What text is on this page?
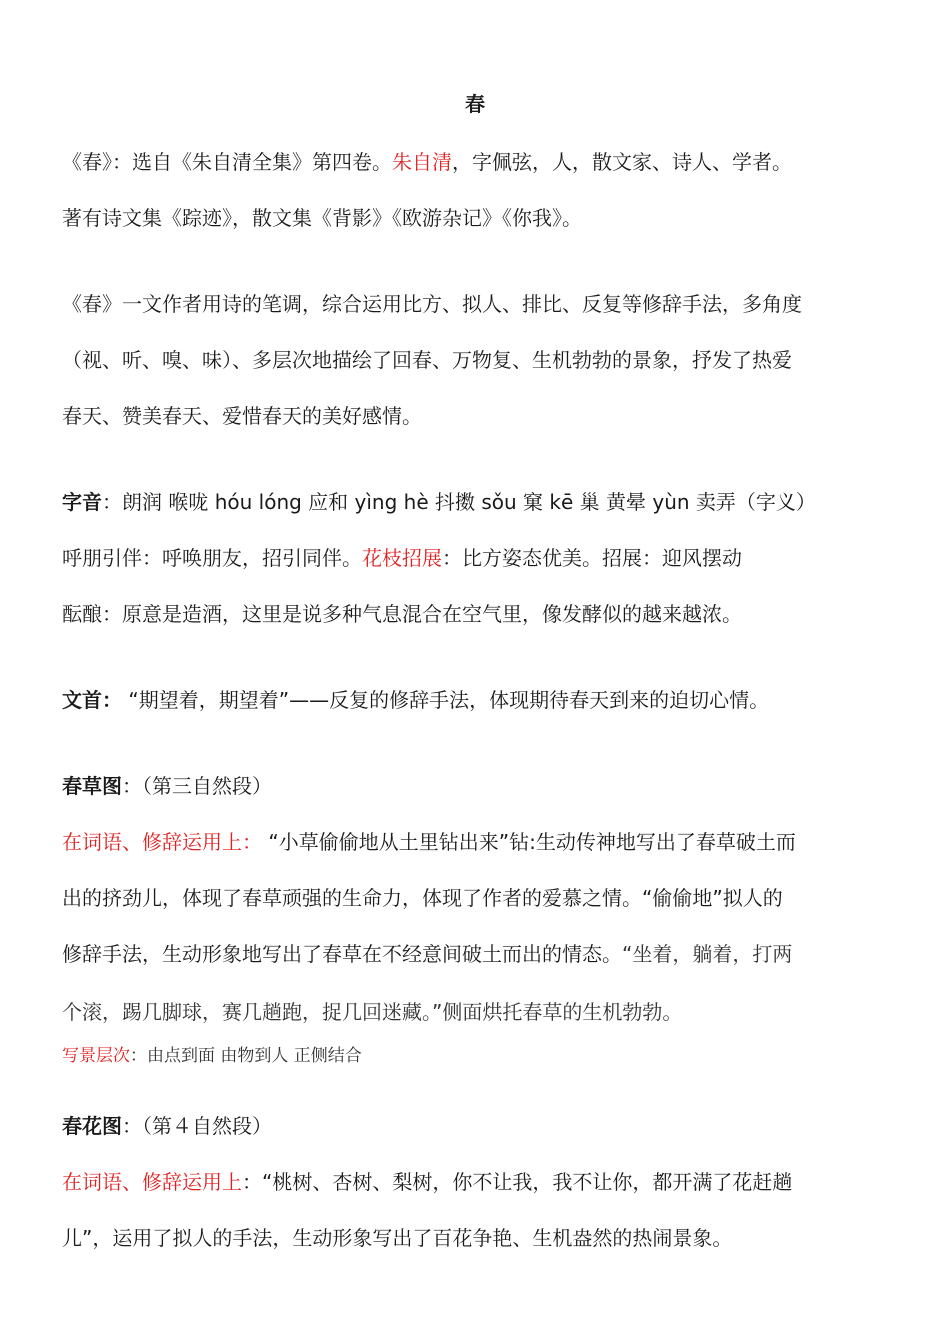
春
《春》：选自《朱自清全集》第四卷。朱自清，字佩弦，人，散文家、诗人、学者。
著有诗文集《踪迹》，散文集《背影》《欧游杂记》《你我》。
《春》一文作者用诗的笔调，综合运用比方、拟人、排比、反复等修辞手法，多角度
（视、听、嗅、味）、多层次地描绘了回春、万物复、生机勃勃的景象，抒发了热爱
春天、赞美春天、爱惜春天的美好感情。
字音：朗润 喉咙 hóu lóng 应和 yìng hè 抖擞 sǒu 窠 kē 巢 黄晕 yùn 卖弄（字义）
呼朋引伴：呼唤朋友，招引同伴。花枝招展：比方姿态优美。招展：迎风摆动
酝酿：原意是造酒，这里是说多种气息混合在空气里，像发酵似的越来越浓。
文首： “期望着，期望着”——反复的修辞手法，体现期待春天到来的迫切心情。
春草图：（第三自然段）
在词语、修辞运用上： “小草偷偷地从土里钻出来”钻:生动传神地写出了春草破土而
出的挤劲儿，体现了春草顽强的生命力，体现了作者的爱慕之情。“偷偷地”拟人的
修辞手法，生动形象地写出了春草在不经意间破土而出的情态。“坐着，躺着，打两
个滚，踢几脚球，赛几趟跑，捉几回迷藏。”侧面烘托春草的生机勃勃。
写景层次：由点到面 由物到人 正侧结合
春花图：（第４自然段）
在词语、修辞运用上：“桃树、杏树、梨树，你不让我，我不让你，都开满了花赶趟
儿”，运用了拟人的手法，生动形象写出了百花争艳、生机盎然的热闹景象。
